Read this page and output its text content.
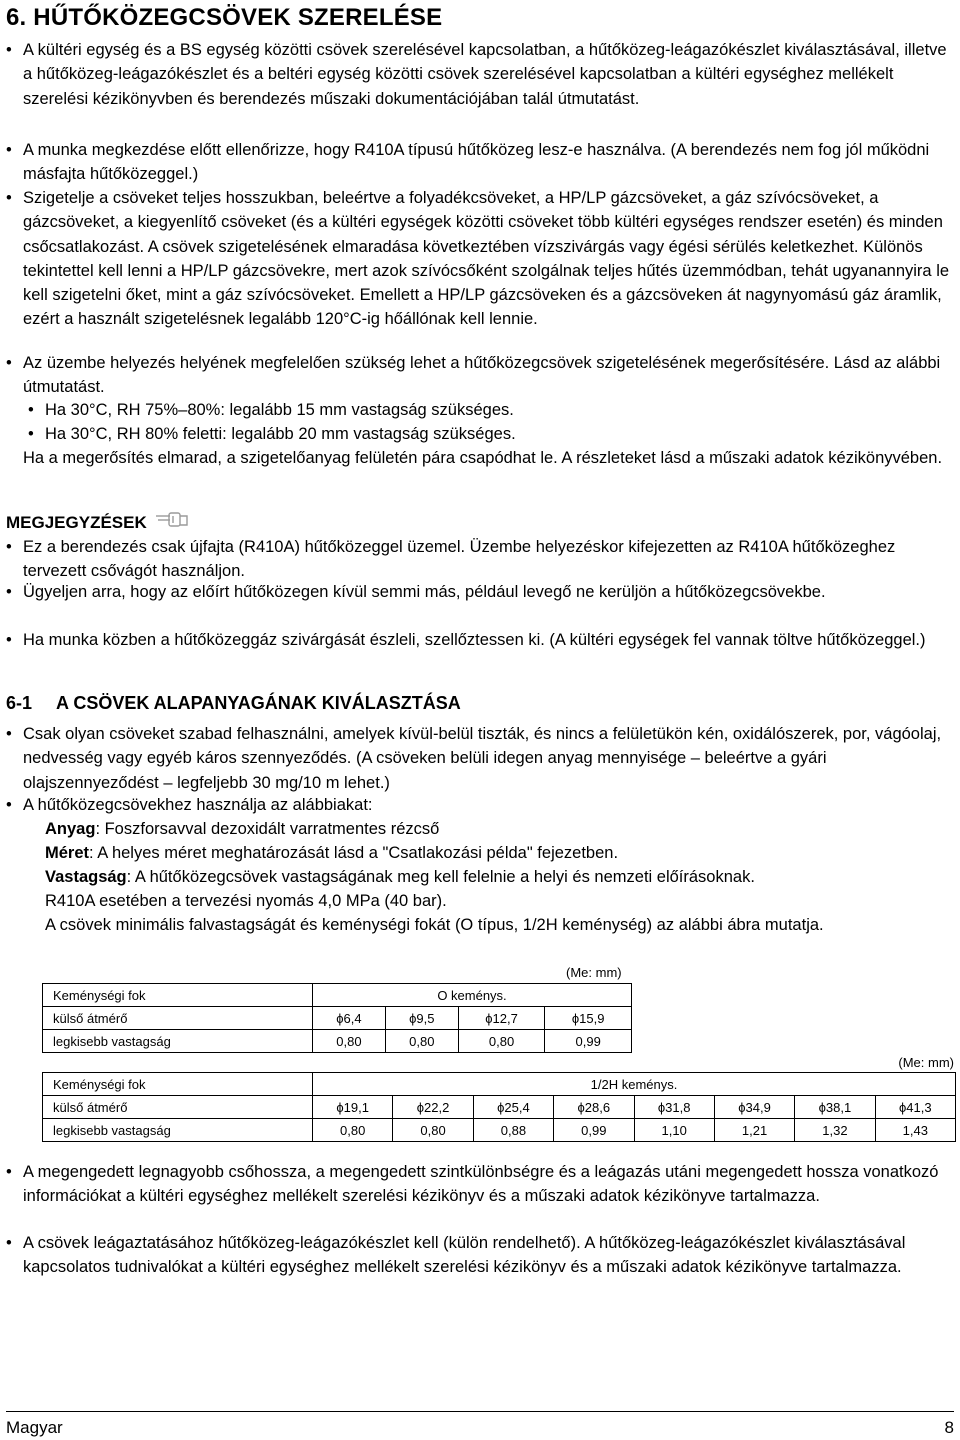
6. HŰTŐKÖZEGCSÖVEK SZERELÉSE
• A kültéri egység és a BS egység közötti csövek szerelésével kapcsolatban, a hűtőközeg-leágazókészlet kiválasztásával, illetve a hűtőközeg-leágazókészlet és a beltéri egység közötti csövek szerelésével kapcsolatban a kültéri egységhez mellékelt szerelési kézikönyvben és berendezés műszaki dokumentációjában talál útmutatást.
• A munka megkezdése előtt ellenőrizze, hogy R410A típusú hűtőközeg lesz-e használva. (A berendezés nem fog jól működni másfajta hűtőközeggel.)
• Szigetelje a csöveket teljes hosszukban, beleértve a folyadékcsöveket, a HP/LP gázcsöveket, a gáz szívócsöveket, a gázcsöveket, a kiegyenlítő csöveket (és a kültéri egységek közötti csöveket több kültéri egységes rendszer esetén) és minden csőcsatlakozást. A csövek szigetelésének elmaradása következtében vízszivárgás vagy égési sérülés keletkezhet. Különös tekintettel kell lenni a HP/LP gázcsövekre, mert azok szívócsőként szolgálnak teljes hűtés üzemmódban, tehát ugyanannyira le kell szigetelni őket, mint a gáz szívócsöveket. Emellett a HP/LP gázcsöveken és a gázcsöveken át nagynyomású gáz áramlik, ezért a használt szigetelésnek legalább 120°C-ig hőállónak kell lennie.
• Az üzembe helyezés helyének megfelelően szükség lehet a hűtőközegcsövek szigetelésének megerősítésére. Lásd az alábbi útmutatást.
• Ha 30°C, RH 75%–80%: legalább 15 mm vastagság szükséges.
• Ha 30°C, RH 80% feletti: legalább 20 mm vastagság szükséges.
Ha a megerősítés elmarad, a szigetelőanyag felületén pára csapódhat le. A részleteket lásd a műszaki adatok kézikönyvében.
MEGJEGYZÉSEK
• Ez a berendezés csak újfajta (R410A) hűtőközeggel üzemel. Üzembe helyezéskor kifejezetten az R410A hűtőközeghez tervezett csővágót használjon.
• Ügyeljen arra, hogy az előírt hűtőközegen kívül semmi más, például levegő ne kerüljön a hűtőközegcsövekbe.
• Ha munka közben a hűtőközeggáz szivárgását észleli, szellőztessen ki. (A kültéri egységek fel vannak töltve hűtőközeggel.)
6-1 A CSÖVEK ALAPANYAGÁNAK KIVÁLASZTÁSA
• Csak olyan csöveket szabad felhasználni, amelyek kívül-belül tiszták, és nincs a felületükön kén, oxidálószerek, por, vágóolaj, nedvesség vagy egyéb káros szennyeződés. (A csöveken belüli idegen anyag mennyisége – beleértve a gyári olajszennyeződést – legfeljebb 30 mg/10 m lehet.)
• A hűtőközegcsövekhez használja az alábbiakat:
Anyag: Foszforsavval dezoxidált varratmentes rézcső
Méret: A helyes méret meghatározását lásd a "Csatlakozási példa" fejezetben.
Vastagság: A hűtőközegcsövek vastagságának meg kell felelnie a helyi és nemzeti előírásoknak.
R410A esetében a tervezési nyomás 4,0 MPa (40 bar).
A csövek minimális falvastagságát és keménységi fokát (O típus, 1/2H keménység) az alábbi ábra mutatja.
(Me: mm)
Keménységi fok	O keménys.			
külső átmérő	ϕ6,4	ϕ9,5	ϕ12,7	ϕ15,9
legkisebb vastagság	0,80	0,80	0,80	0,99
(Me: mm)
Keménységi fok	1/2H keménys.							
külső átmérő	ϕ19,1	ϕ22,2	ϕ25,4	ϕ28,6	ϕ31,8	ϕ34,9	ϕ38,1	ϕ41,3
legkisebb vastagság	0,80	0,80	0,88	0,99	1,10	1,21	1,32	1,43
• A megengedett legnagyobb csőhossza, a megengedett szintkülönbségre és a leágazás utáni megengedett hossza vonatkozó információkat a kültéri egységhez mellékelt szerelési kézikönyv és a műszaki adatok kézikönyve tartalmazza.
• A csövek leágaztatásához hűtőközeg-leágazókészlet kell (külön rendelhető). A hűtőközeg-leágazókészlet kiválasztásával kapcsolatos tudnivalókat a kültéri egységhez mellékelt szerelési kézikönyv és a műszaki adatok kézikönyve tartalmazza.
Magyar	8
